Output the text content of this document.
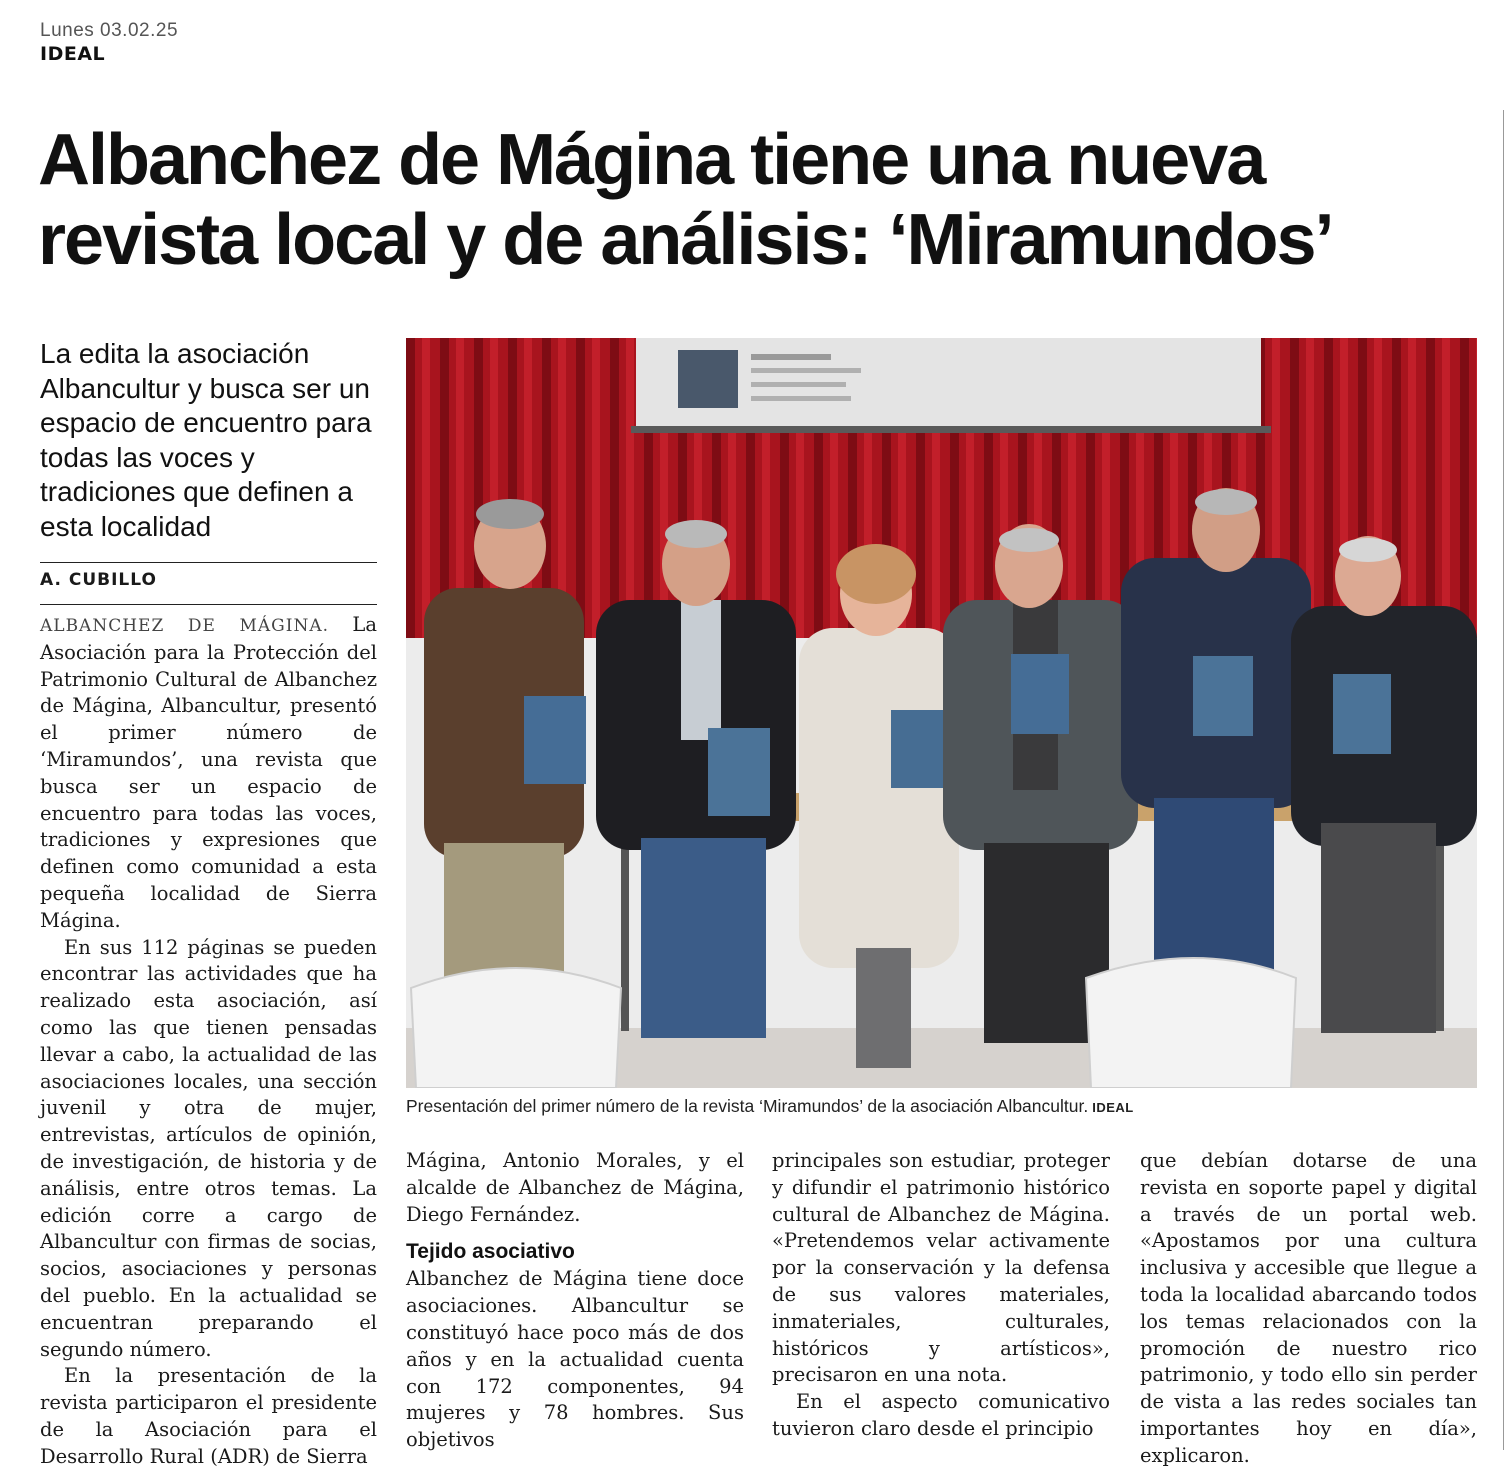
Lunes 03.02.25
IDEAL
Albanchez de Mágina tiene una nueva
revista local y de análisis: ‘Miramundos’

La edita la asociación Albancultur y busca ser un espacio de encuentro para todas las voces y tradiciones que definen a esta localidad

A. CUBILLO

ALBANCHEZ DE MÁGINA. La Asociación para la Protección del Patrimonio Cultural de Albanchez de Mágina, Albancultur, presentó el primer número de ‘Miramundos’, una revista que busca ser un espacio de encuentro para todas las voces, tradiciones y expresiones que definen como comunidad a esta pequeña localidad de Sierra Mágina.

En sus 112 páginas se pueden encontrar las actividades que ha realizado esta asociación, así como las que tienen pensadas llevar a cabo, la actualidad de las asociaciones locales, una sección juvenil y otra de mujer, entrevistas, artículos de opinión, de investigación, de historia y de análisis, entre otros temas. La edición corre a cargo de Albancultur con firmas de socias, socios, asociaciones y personas del pueblo. En la actualidad se encuentran preparando el segundo número.

En la presentación de la revista participaron el presidente de la Asociación para el Desarrollo Rural (ADR) de Sierra

Mágina, Antonio Morales, y el alcalde de Albanchez de Mágina, Diego Fernández.

Tejido asociativo

Albanchez de Mágina tiene doce asociaciones. Albancultur se constituyó hace poco más de dos años y en la actualidad cuenta con 172 componentes, 94 mujeres y 78 hombres. Sus objetivos

principales son estudiar, proteger y difundir el patrimonio histórico cultural de Albanchez de Mágina. «Pretendemos velar activamente por la conservación y la defensa de sus valores materiales, inmateriales, culturales, históricos y artísticos», precisaron en una nota.

En el aspecto comunicativo tuvieron claro desde el principio

que debían dotarse de una revista en soporte papel y digital a través de un portal web. «Apostamos por una cultura inclusiva y accesible que llegue a toda la localidad abarcando todos los temas relacionados con la promoción de nuestro rico patrimonio, y todo ello sin perder de vista a las redes sociales tan importantes hoy en día», explicaron.

Presentación del primer número de la revista ‘Miramundos’ de la asociación Albancultur. IDEAL
